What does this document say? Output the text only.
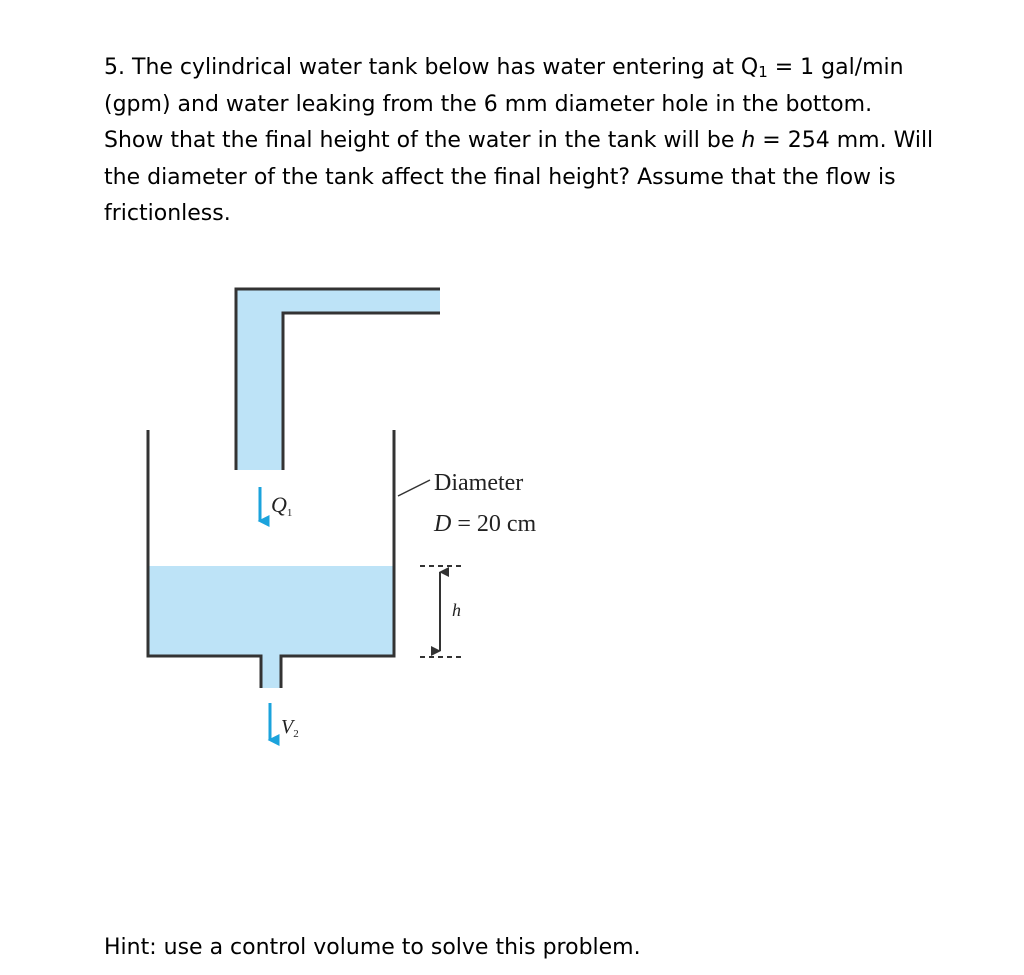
5. The cylindrical water tank below has water entering at $Q_1 = 1$ gal/min (gpm) and water leaking from the 6 mm diameter hole in the bottom. Show that the final height of the water in the tank will be h = 254 mm. Will the diameter of the tank affect the final height? Assume that the flow is frictionless.

Q1
$V_2$
Diameter
D = 20 cm
h

Hint: use a control volume to solve this problem.
